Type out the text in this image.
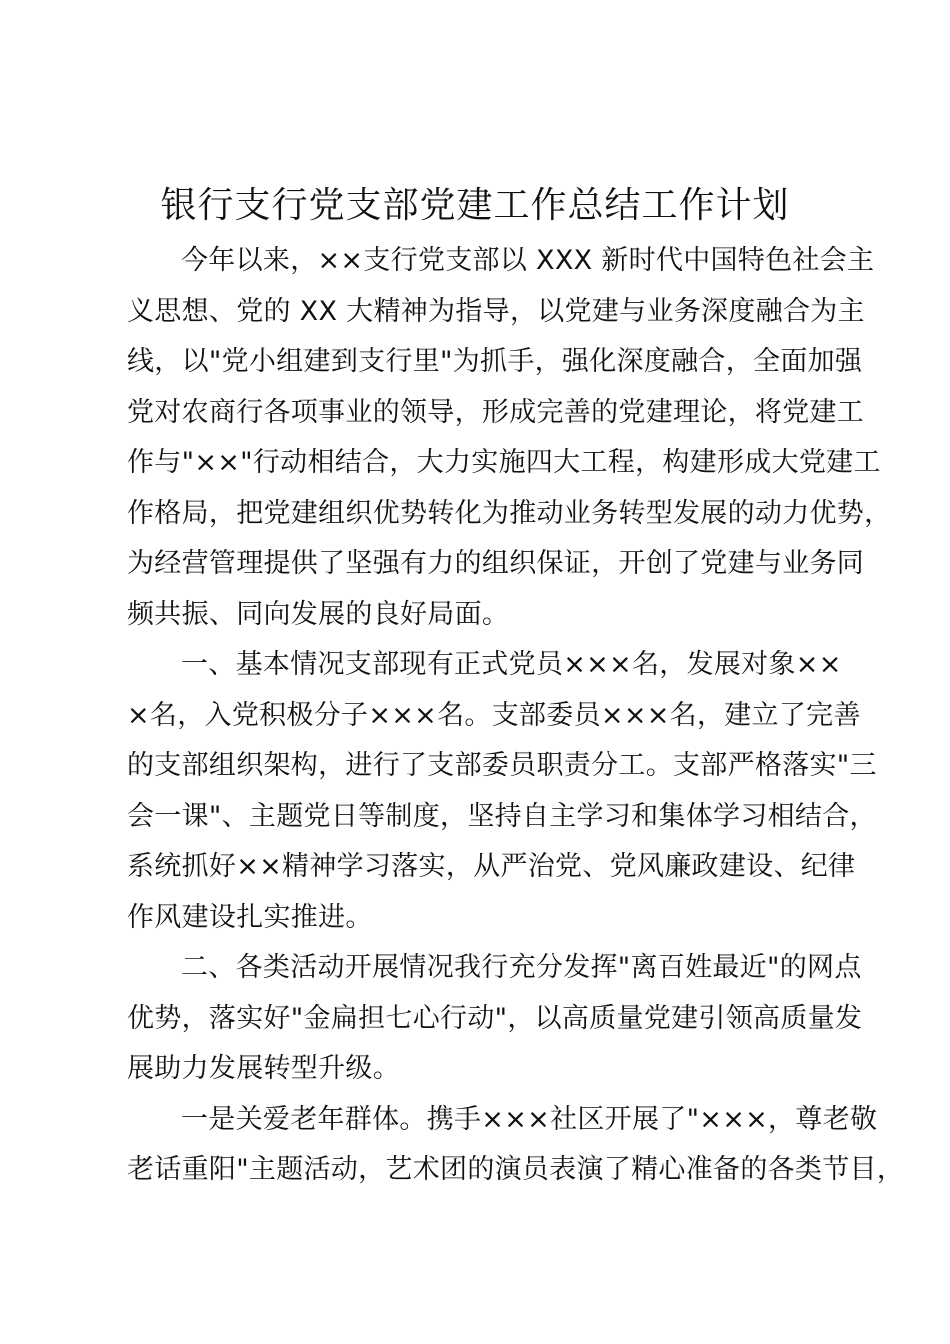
银行支行党支部党建工作总结工作计划

今年以来，××支行党支部以 XXX 新时代中国特色社会主
义思想、党的 XX 大精神为指导，以党建与业务深度融合为主
线，以"党小组建到支行里"为抓手，强化深度融合，全面加强
党对农商行各项事业的领导，形成完善的党建理论，将党建工
作与"××"行动相结合，大力实施四大工程，构建形成大党建工
作格局，把党建组织优势转化为推动业务转型发展的动力优势，
为经营管理提供了坚强有力的组织保证，开创了党建与业务同
频共振、同向发展的良好局面。

一、基本情况支部现有正式党员×××名，发展对象××
×名，入党积极分子×××名。支部委员×××名，建立了完善
的支部组织架构，进行了支部委员职责分工。支部严格落实"三
会一课"、主题党日等制度，坚持自主学习和集体学习相结合，
系统抓好××精神学习落实，从严治党、党风廉政建设、纪律
作风建设扎实推进。

二、各类活动开展情况我行充分发挥"离百姓最近"的网点
优势，落实好"金扁担七心行动"，以高质量党建引领高质量发
展助力发展转型升级。

一是关爱老年群体。携手×××社区开展了"×××，尊老敬
老话重阳"主题活动，艺术团的演员表演了精心准备的各类节目，
